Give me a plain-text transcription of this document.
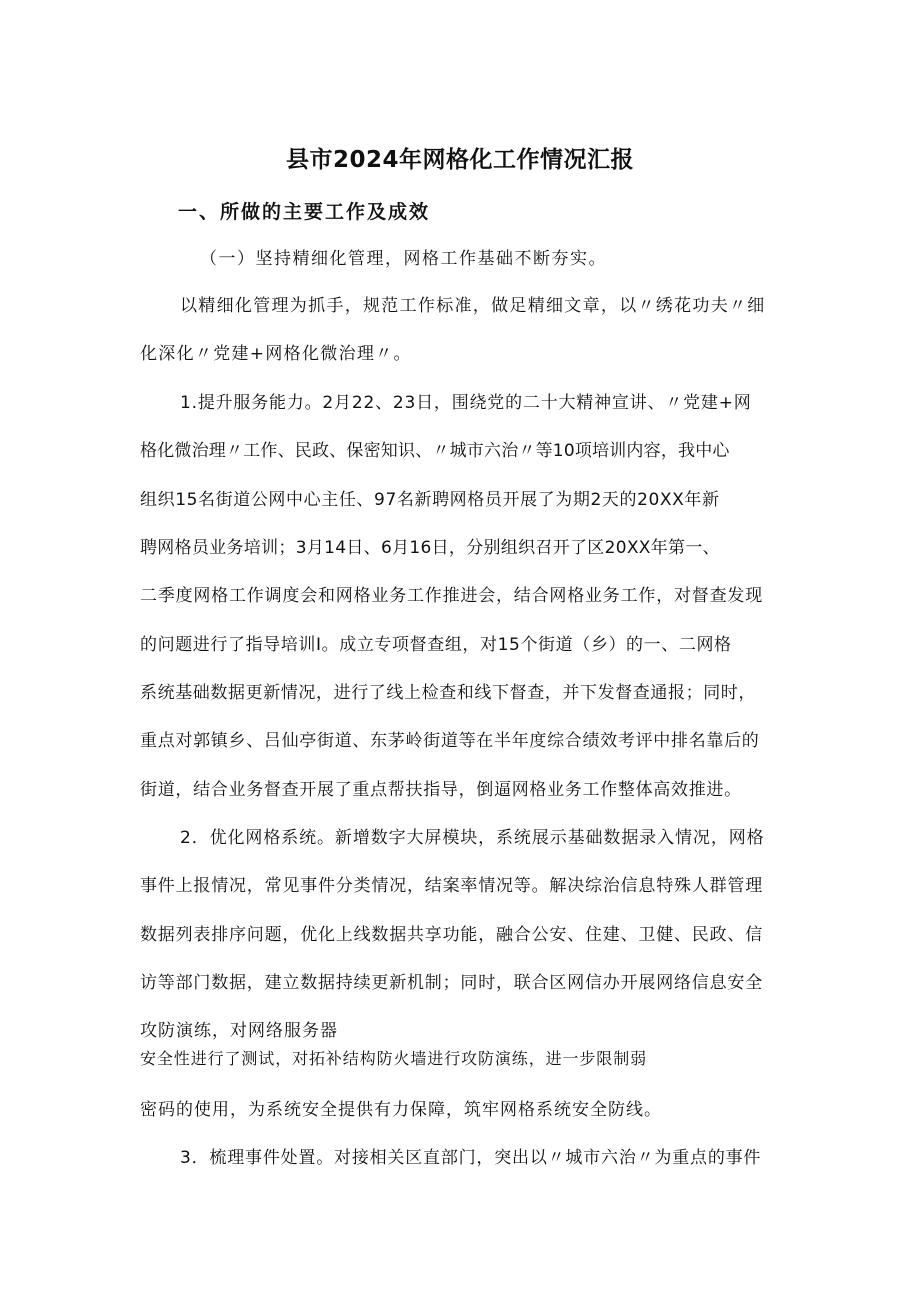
县市2024年网格化工作情况汇报
一、所做的主要工作及成效
（一）坚持精细化管理，网格工作基础不断夯实。
以精细化管理为抓手，规范工作标准，做足精细文章，以〃绣花功夫〃细
化深化〃党建+网格化微治理〃。
1.提升服务能力。2月22、23日，围绕党的二十大精神宣讲、〃党建+网
格化微治理〃工作、民政、保密知识、〃城市六治〃等10项培训内容，我中心
组织15名街道公网中心主任、97名新聘网格员开展了为期2天的20XX年新
聘网格员业务培训；3月14日、6月16日，分别组织召开了区20XX年第一、
二季度网格工作调度会和网格业务工作推进会，结合网格业务工作，对督查发现
的问题进行了指导培训I。成立专项督查组，对15个街道（乡）的一、二网格
系统基础数据更新情况，进行了线上检查和线下督查，并下发督查通报；同时，
重点对郭镇乡、吕仙亭街道、东茅岭街道等在半年度综合绩效考评中排名靠后的
街道，结合业务督查开展了重点帮扶指导，倒逼网格业务工作整体高效推进。
2．优化网格系统。新增数字大屏模块，系统展示基础数据录入情况，网格
事件上报情况，常见事件分类情况，结案率情况等。解决综治信息特殊人群管理
数据列表排序问题，优化上线数据共享功能，融合公安、住建、卫健、民政、信
访等部门数据，建立数据持续更新机制；同时，联合区网信办开展网络信息安全
攻防演练，对网络服务器
安全性进行了测试，对拓补结构防火墙进行攻防演练，进一步限制弱
密码的使用，为系统安全提供有力保障，筑牢网格系统安全防线。
3．梳理事件处置。对接相关区直部门，突出以〃城市六治〃为重点的事件
